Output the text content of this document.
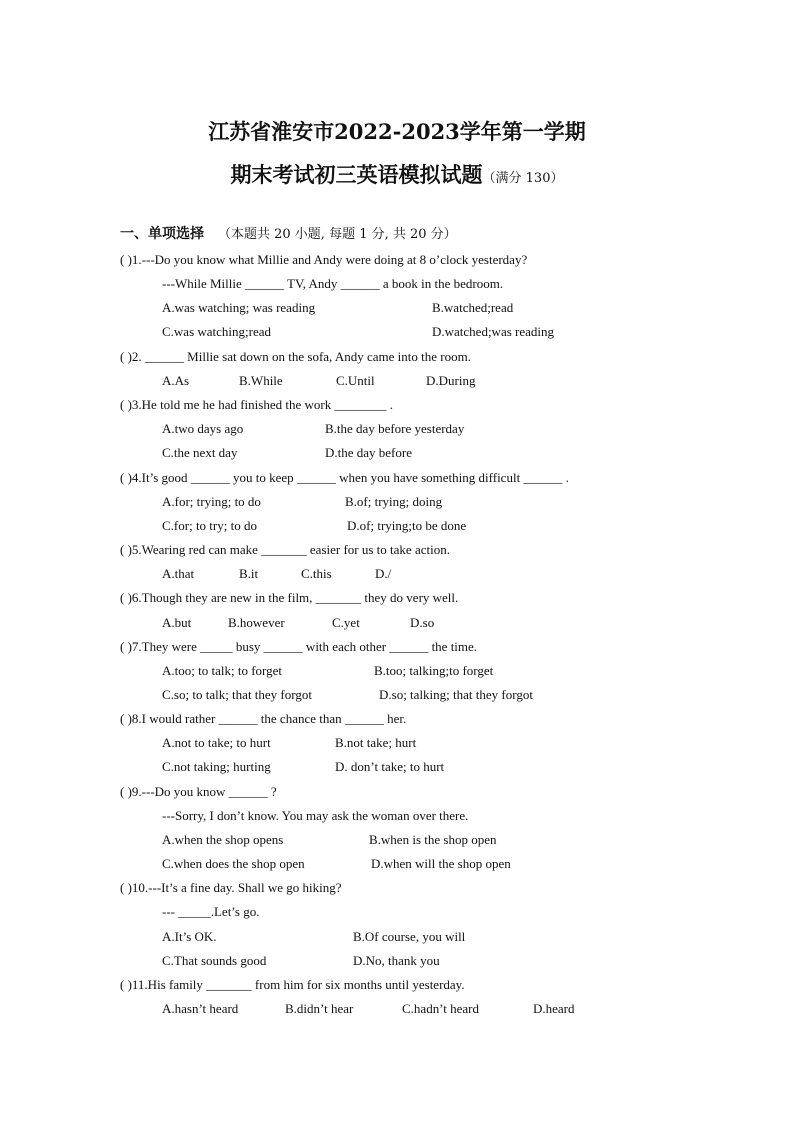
江苏省淮安市2022-2023学年第一学期
期末考试初三英语模拟试题（满分 130）
一、单项选择 （本题共 20 小题, 每题 1 分, 共 20 分）
( )1.---Do you know what Millie and Andy were doing at 8 o’clock yesterday?
---While Millie ______ TV, Andy ______ a book in the bedroom.
A.was watching; was reading	B.watched;read
C.was watching;read	D.watched;was reading
( )2. ______ Millie sat down on the sofa, Andy came into the room.
A.As	B.While	C.Until	D.During
( )3.He told me he had finished the work ________ .
A.two days ago	B.the day before yesterday
C.the next day	D.the day before
( )4.It’s good ______ you to keep ______ when you have something difficult ______ .
A.for; trying; to do	B.of; trying; doing
C.for; to try; to do	D.of; trying;to be done
( )5.Wearing red can make _______ easier for us to take action.
A.that	B.it	C.this	D./
( )6.Though they are new in the film, _______ they do very well.
A.but	B.however	C.yet	D.so
( )7.They were _____ busy ______ with each other ______ the time.
A.too; to talk; to forget	B.too; talking;to forget
C.so; to talk; that they forgot	D.so; talking; that they forgot
( )8.I would rather ______ the chance than ______ her.
A.not to take; to hurt	B.not take; hurt
C.not taking; hurting	D. don’t take; to hurt
( )9.---Do you know ______ ?
---Sorry, I don’t know. You may ask the woman over there.
A.when the shop opens	B.when is the shop open
C.when does the shop open	D.when will the shop open
( )10.---It’s a fine day. Shall we go hiking?
--- _____.Let’s go.
A.It’s OK.	B.Of course, you will
C.That sounds good	D.No, thank you
( )11.His family _______ from him for six months until yesterday.
A.hasn’t heard	B.didn’t hear	C.hadn’t heard	D.heard
